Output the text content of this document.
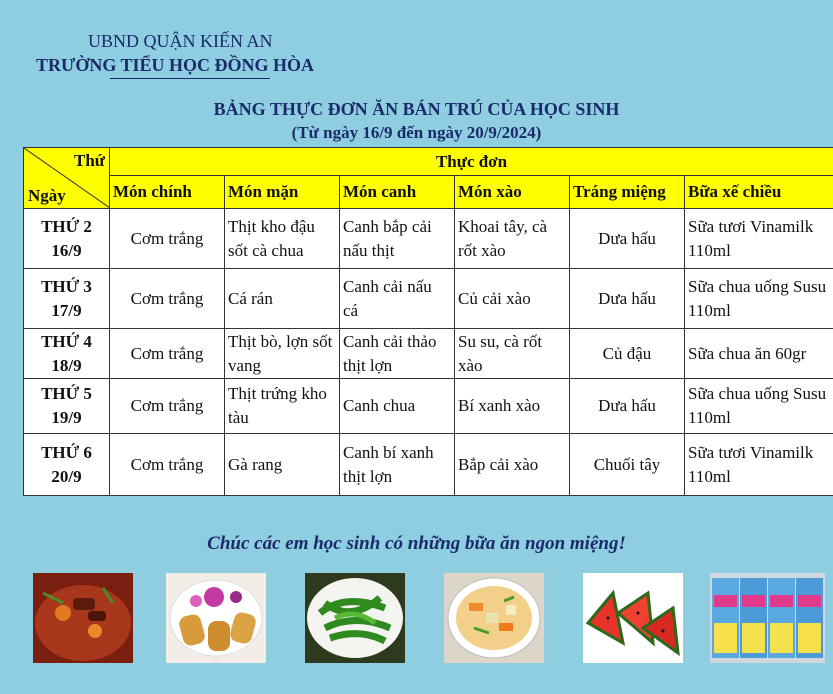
UBND QUẬN KIẾN AN
TRƯỜNG TIỂU HỌC ĐỒNG HÒA
BẢNG THỰC ĐƠN ĂN BÁN TRÚ CỦA HỌC SINH
(Từ ngày 16/9 đến ngày 20/9/2024)
Thứ
Ngày	Thực đơn					
	Món chính	Món mặn	Món canh	Món xào	Tráng miệng	Bữa xế chiều

THỨ 2
16/9	Cơm trắng	Thịt kho đậu sốt cà chua	Canh bắp cải nấu thịt	Khoai tây, cà rốt xào	Dưa hấu	Sữa tươi Vinamilk 110ml

THỨ 3
17/9	Cơm trắng	Cá rán	Canh cải nấu cá	Củ cải xào	Dưa hấu	Sữa chua uống Susu 110ml

THỨ 4
18/9	Cơm trắng	Thịt bò, lợn sốt vang	Canh cải thảo thịt lợn	Su su, cà rốt xào	Củ đậu	Sữa chua ăn 60gr

THỨ 5
19/9	Cơm trắng	Thịt trứng kho tàu	Canh chua	Bí xanh xào	Dưa hấu	Sữa chua uống Susu 110ml

THỨ 6
20/9	Cơm trắng	Gà rang	Canh bí xanh thịt lợn	Bắp cải xào	Chuối tây	Sữa tươi Vinamilk 110ml
Chúc các em học sinh có những bữa ăn ngon miệng!
